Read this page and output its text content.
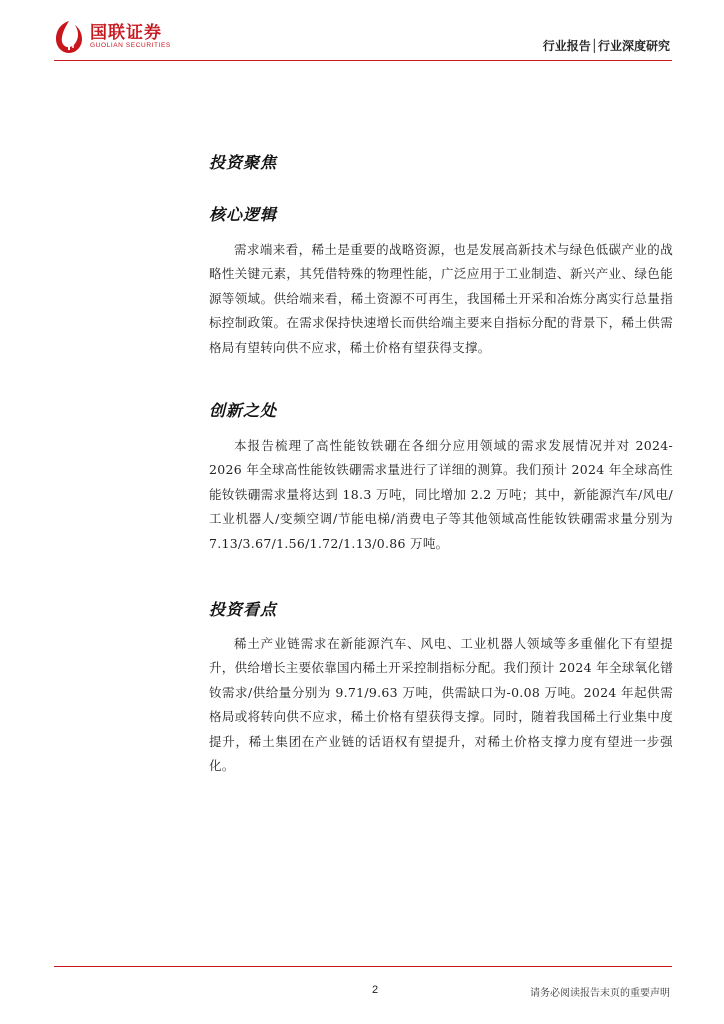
国联证券
GUOLIAN SECURITIES	行业报告│行业深度研究
投资聚焦
核心逻辑
需求端来看，稀土是重要的战略资源，也是发展高新技术与绿色低碳产业的战略性关键元素，其凭借特殊的物理性能，广泛应用于工业制造、新兴产业、绿色能源等领域。供给端来看，稀土资源不可再生，我国稀土开采和冶炼分离实行总量指标控制政策。在需求保持快速增长而供给端主要来自指标分配的背景下，稀土供需格局有望转向供不应求，稀土价格有望获得支撑。
创新之处
本报告梳理了高性能钕铁硼在各细分应用领域的需求发展情况并对 2024-2026 年全球高性能钕铁硼需求量进行了详细的测算。我们预计 2024 年全球高性能钕铁硼需求量将达到 18.3 万吨，同比增加 2.2 万吨；其中，新能源汽车/风电/工业机器人/变频空调/节能电梯/消费电子等其他领域高性能钕铁硼需求量分别为 7.13/3.67/1.56/1.72/1.13/0.86 万吨。
投资看点
稀土产业链需求在新能源汽车、风电、工业机器人领域等多重催化下有望提升，供给增长主要依靠国内稀土开采控制指标分配。我们预计 2024 年全球氧化镨钕需求/供给量分别为 9.71/9.63 万吨，供需缺口为-0.08 万吨。2024 年起供需格局或将转向供不应求，稀土价格有望获得支撑。同时，随着我国稀土行业集中度提升，稀土集团在产业链的话语权有望提升，对稀土价格支撑力度有望进一步强化。
2	请务必阅读报告末页的重要声明
